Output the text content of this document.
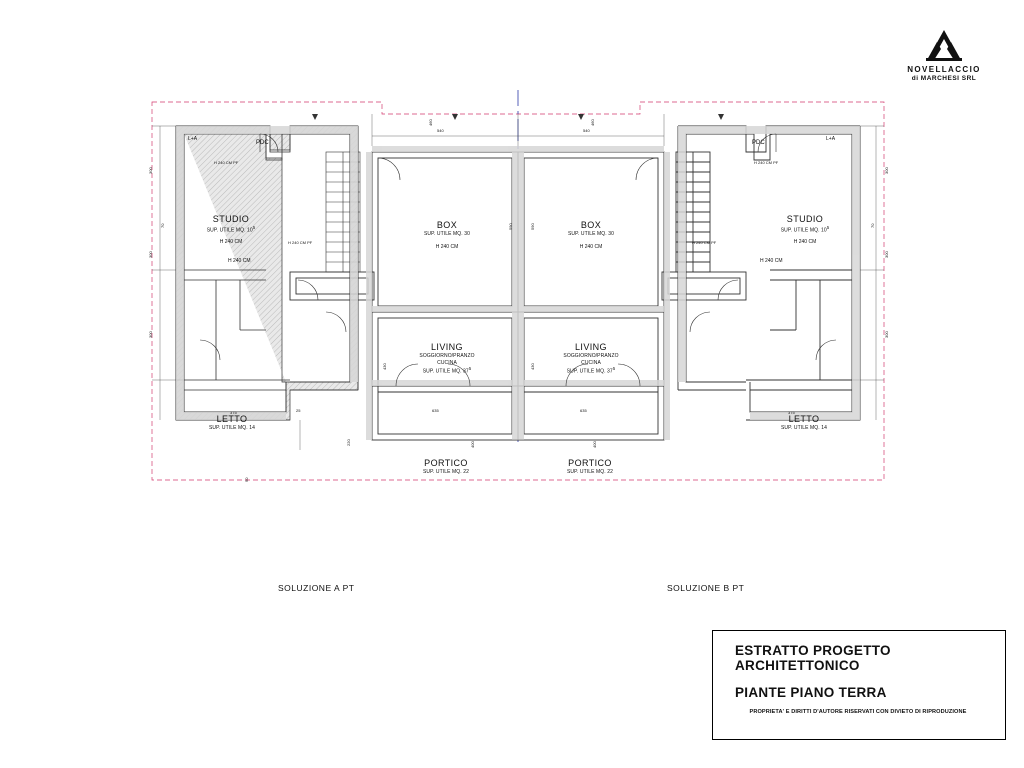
NOVELLACCIO
di MARCHESI SRL
STUDIO
SUP. UTILE MQ. $10^5$
H 240 CM
BOX
SUP. UTILE MQ. 30
H 240 CM
LIVING
SOGGIORNO/PRANZO
CUCINA
SUP. UTILE MQ. $37^5$
LETTO
SUP. UTILE MQ. 14
PORTICO
SUP. UTILE MQ. 22
STUDIO
SUP. UTILE MQ. $10^5$
H 240 CM
BOX
SUP. UTILE MQ. 30
H 240 CM
LIVING
SOGGIORNO/PRANZO
CUCINA
SUP. UTILE MQ. $37^5$
LETTO
SUP. UTILE MQ. 14
PORTICO
SUP. UTILE MQ. 22
L+A	L+A
PDC	PDC
H 240 CM PF	H 240 CM PF
H 240 CM PF	H 240 CM PF
H 240 CM	H 240 CM
540	540
460	460
590	590
430	430
635	635
400	400
375	375
300
300
300
300
300
300
70	70
25
220
90
SOLUZIONE A PT	SOLUZIONE B PT
ESTRATTO PROGETTO
ARCHITETTONICO
PIANTE PIANO TERRA
PROPRIETA' E DIRITTI D'AUTORE RISERVATI CON DIVIETO DI RIPRODUZIONE
